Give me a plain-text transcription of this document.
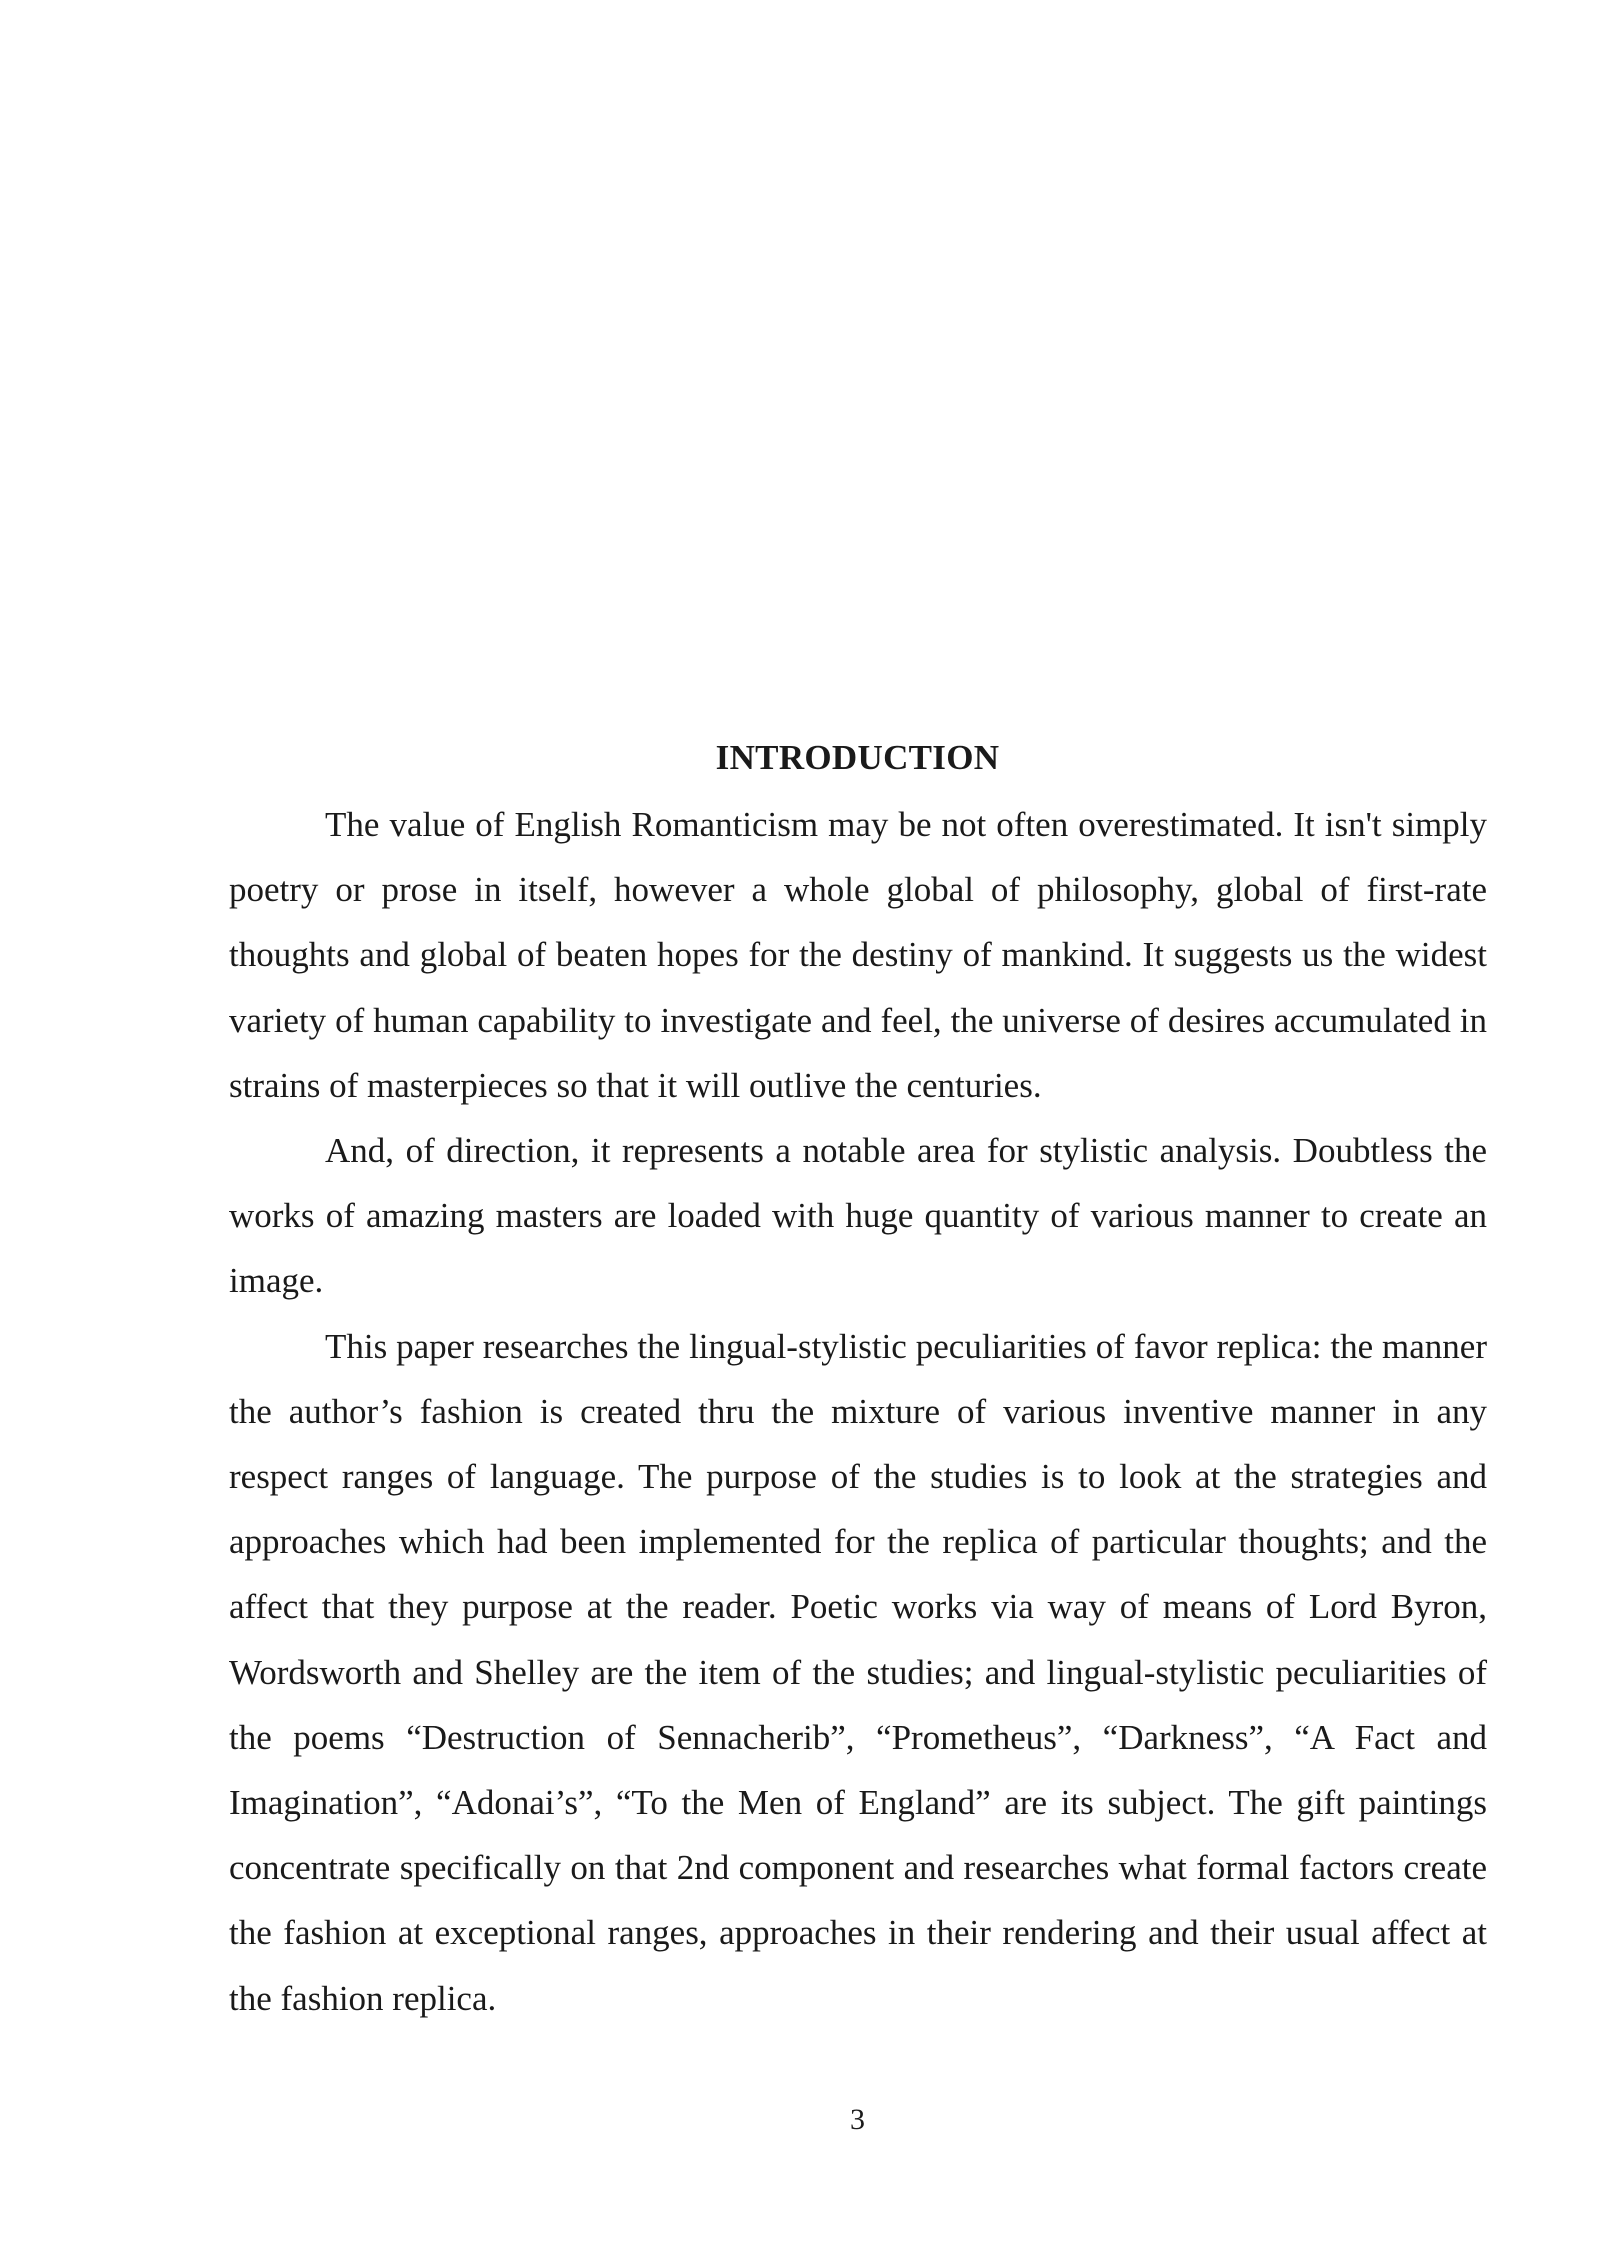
INTRODUCTION

The value of English Romanticism may be not often overestimated. It isn't simply poetry or prose in itself, however a whole global of philosophy, global of first-rate thoughts and global of beaten hopes for the destiny of mankind. It suggests us the widest variety of human capability to investigate and feel, the universe of desires accumulated in strains of masterpieces so that it will outlive the centuries.

And, of direction, it represents a notable area for stylistic analysis. Doubtless the works of amazing masters are loaded with huge quantity of various manner to create an image.

This paper researches the lingual-stylistic peculiarities of favor replica: the manner the author’s fashion is created thru the mixture of various inventive manner in any respect ranges of language. The purpose of the studies is to look at the strategies and approaches which had been implemented for the replica of particular thoughts; and the affect that they purpose at the reader. Poetic works via way of means of Lord Byron, Wordsworth and Shelley are the item of the studies; and lingual-stylistic peculiarities of the poems “Destruction of Sennacherib”, “Prometheus”, “Darkness”, “A Fact and Imagination”, “Adonai’s”, “To the Men of England” are its subject. The gift paintings concentrate specifically on that 2nd component and researches what formal factors create the fashion at exceptional ranges, approaches in their rendering and their usual affect at the fashion replica.

3
